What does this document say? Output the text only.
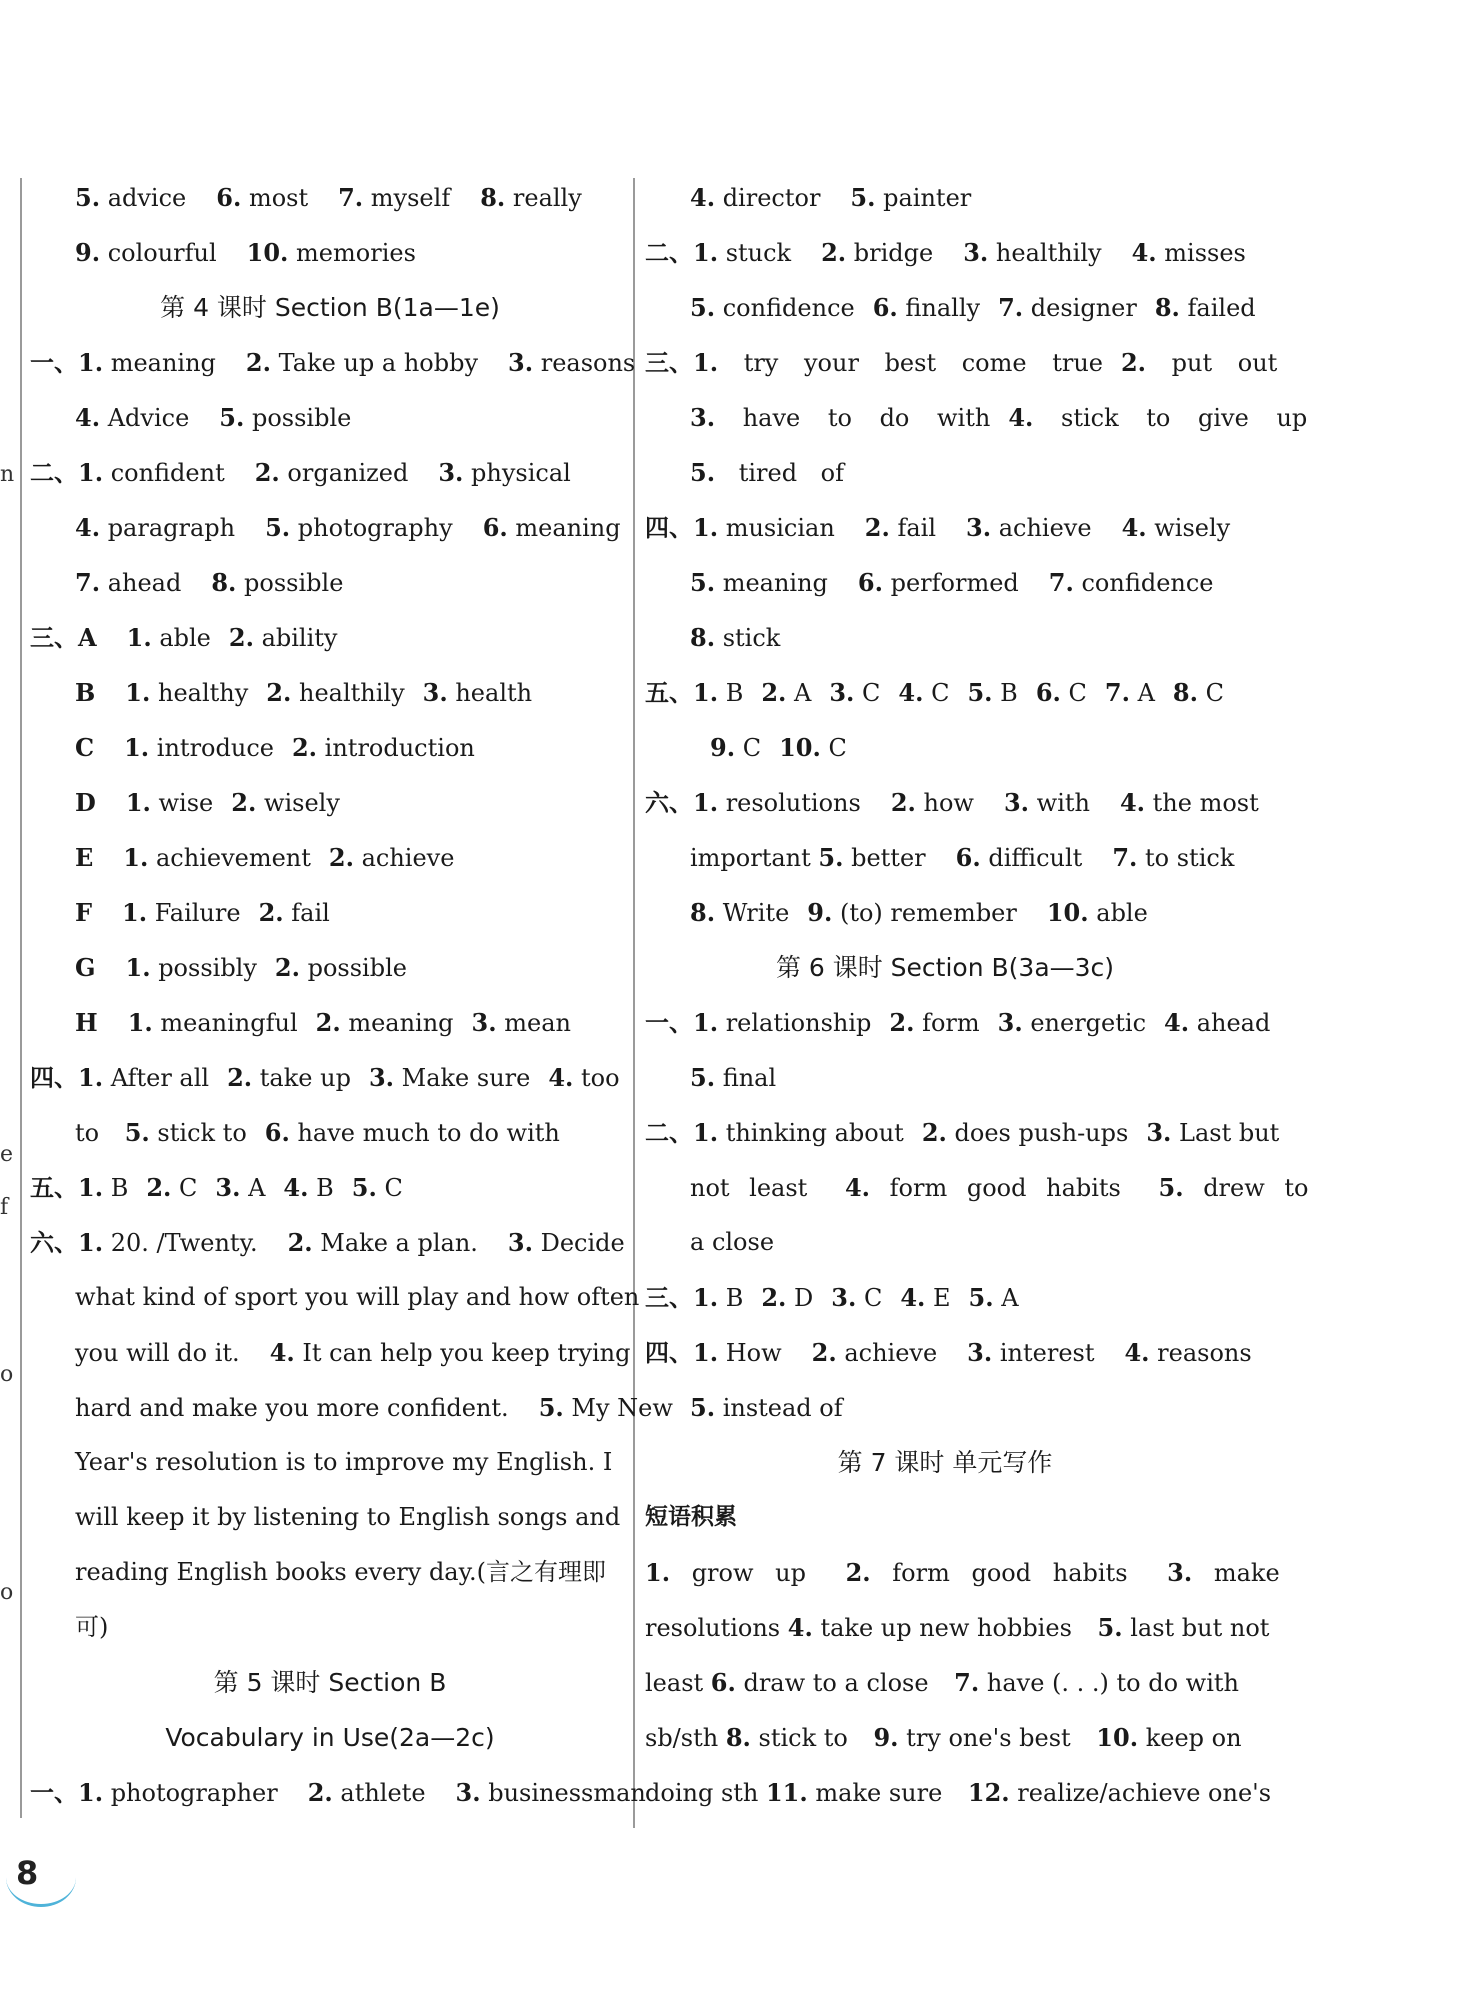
n
e
f
o
o
5. advice 6. most 7. myself 8. really
9. colourful 10. memories
第 4 课时 Section B(1a—1e)
一、1. meaning 2. Take up a hobby 3. reasons
4. Advice 5. possible
二、1. confident 2. organized 3. physical
4. paragraph 5. photography 6. meaning
7. ahead 8. possible
三、A 1. able 2. ability
B 1. healthy 2. healthily 3. health
C 1. introduce 2. introduction
D 1. wise 2. wisely
E 1. achievement 2. achieve
F 1. Failure 2. fail
G 1. possibly 2. possible
H 1. meaningful 2. meaning 3. mean
四、1. After all 2. take up 3. Make sure 4. too
to 5. stick to 6. have much to do with
五、1. B 2. C 3. A 4. B 5. C
六、1. 20. /Twenty. 2. Make a plan. 3. Decide
what kind of sport you will play and how often
you will do it. 4. It can help you keep trying
hard and make you more confident. 5. My New
Year's resolution is to improve my English. I
will keep it by listening to English songs and
reading English books every day.(言之有理即
可)
第 5 课时 Section B
Vocabulary in Use(2a—2c)
一、1. photographer 2. athlete 3. businessman
4. director 5. painter
二、1. stuck 2. bridge 3. healthily 4. misses
5. confidence 6. finally 7. designer 8. failed
三、1. try your best come true 2. put out
3. have to do with 4. stick to give up
5. tired of
四、1. musician 2. fail 3. achieve 4. wisely
5. meaning 6. performed 7. confidence
8. stick
五、1. B 2. A 3. C 4. C 5. B 6. C 7. A 8. C
9. C 10. C
六、1. resolutions 2. how 3. with 4. the most
important 5. better 6. difficult 7. to stick
8. Write 9. (to) remember 10. able
第 6 课时 Section B(3a—3c)
一、1. relationship 2. form 3. energetic 4. ahead
5. final
二、1. thinking about 2. does push-ups 3. Last but
not least 4. form good habits 5. drew to
a close
三、1. B 2. D 3. C 4. E 5. A
四、1. How 2. achieve 3. interest 4. reasons
5. instead of
第 7 课时 单元写作
短语积累
1. grow up 2. form good habits 3. make
resolutions 4. take up new hobbies 5. last but not
least 6. draw to a close 7. have (. . .) to do with
sb/sth 8. stick to 9. try one's best 10. keep on
doing sth 11. make sure 12. realize/achieve one's
8
